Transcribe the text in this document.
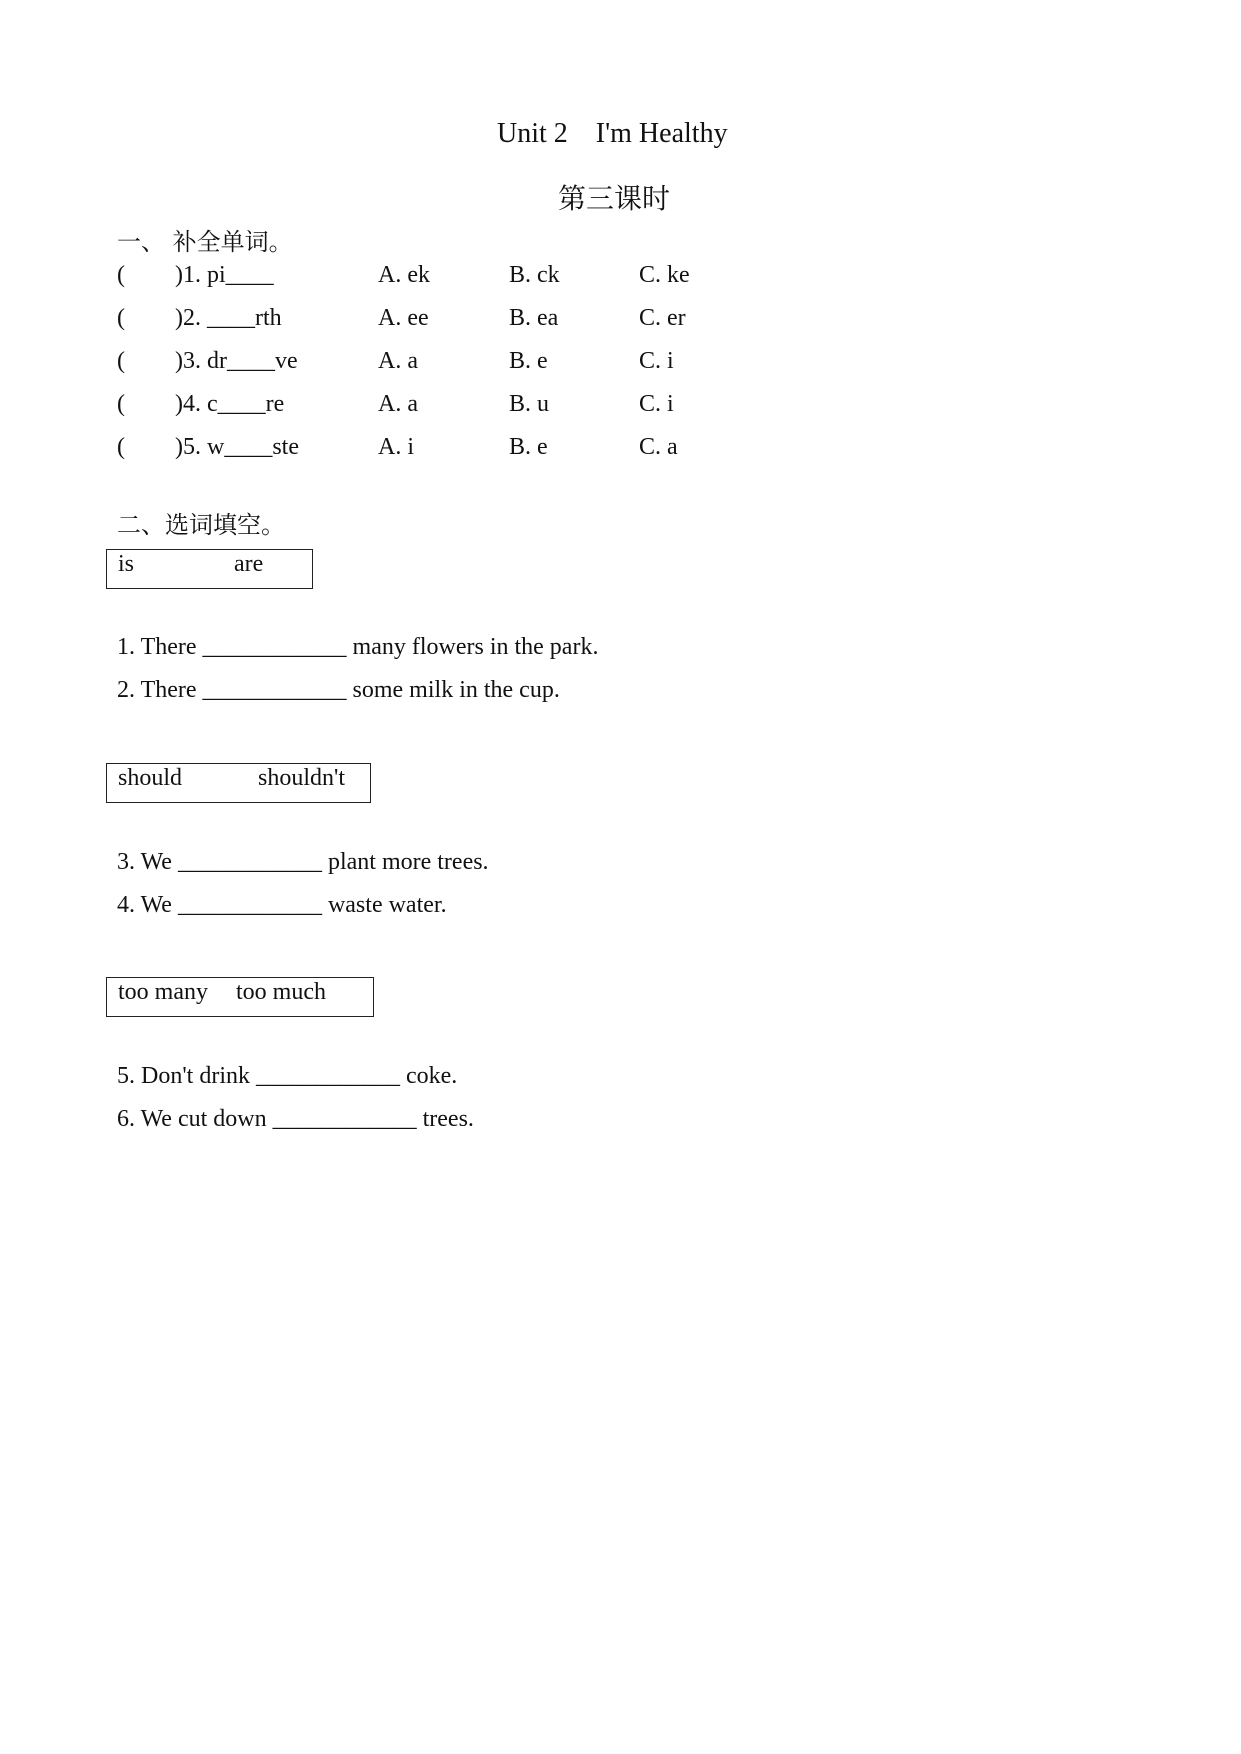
Unit 2    I'm Healthy
第三课时
一、 补全单词。
( )1. pi____	A. ek	B. ck	C. ke
( )2. ____rth	A. ee	B. ea	C. er
( )3. dr____ve	A. a	B. e	C. i
( )4. c____re	A. a	B. u	C. i
( )5. w____ste	A. i	B. e	C. a
二、选词填空。
is	are
1. There ____________ many flowers in the park.
2. There ____________ some milk in the cup.
should	shouldn't
3. We ____________ plant more trees.
4. We ____________ waste water.
too many too much
5. Don't drink ____________ coke.
6. We cut down ____________ trees.
